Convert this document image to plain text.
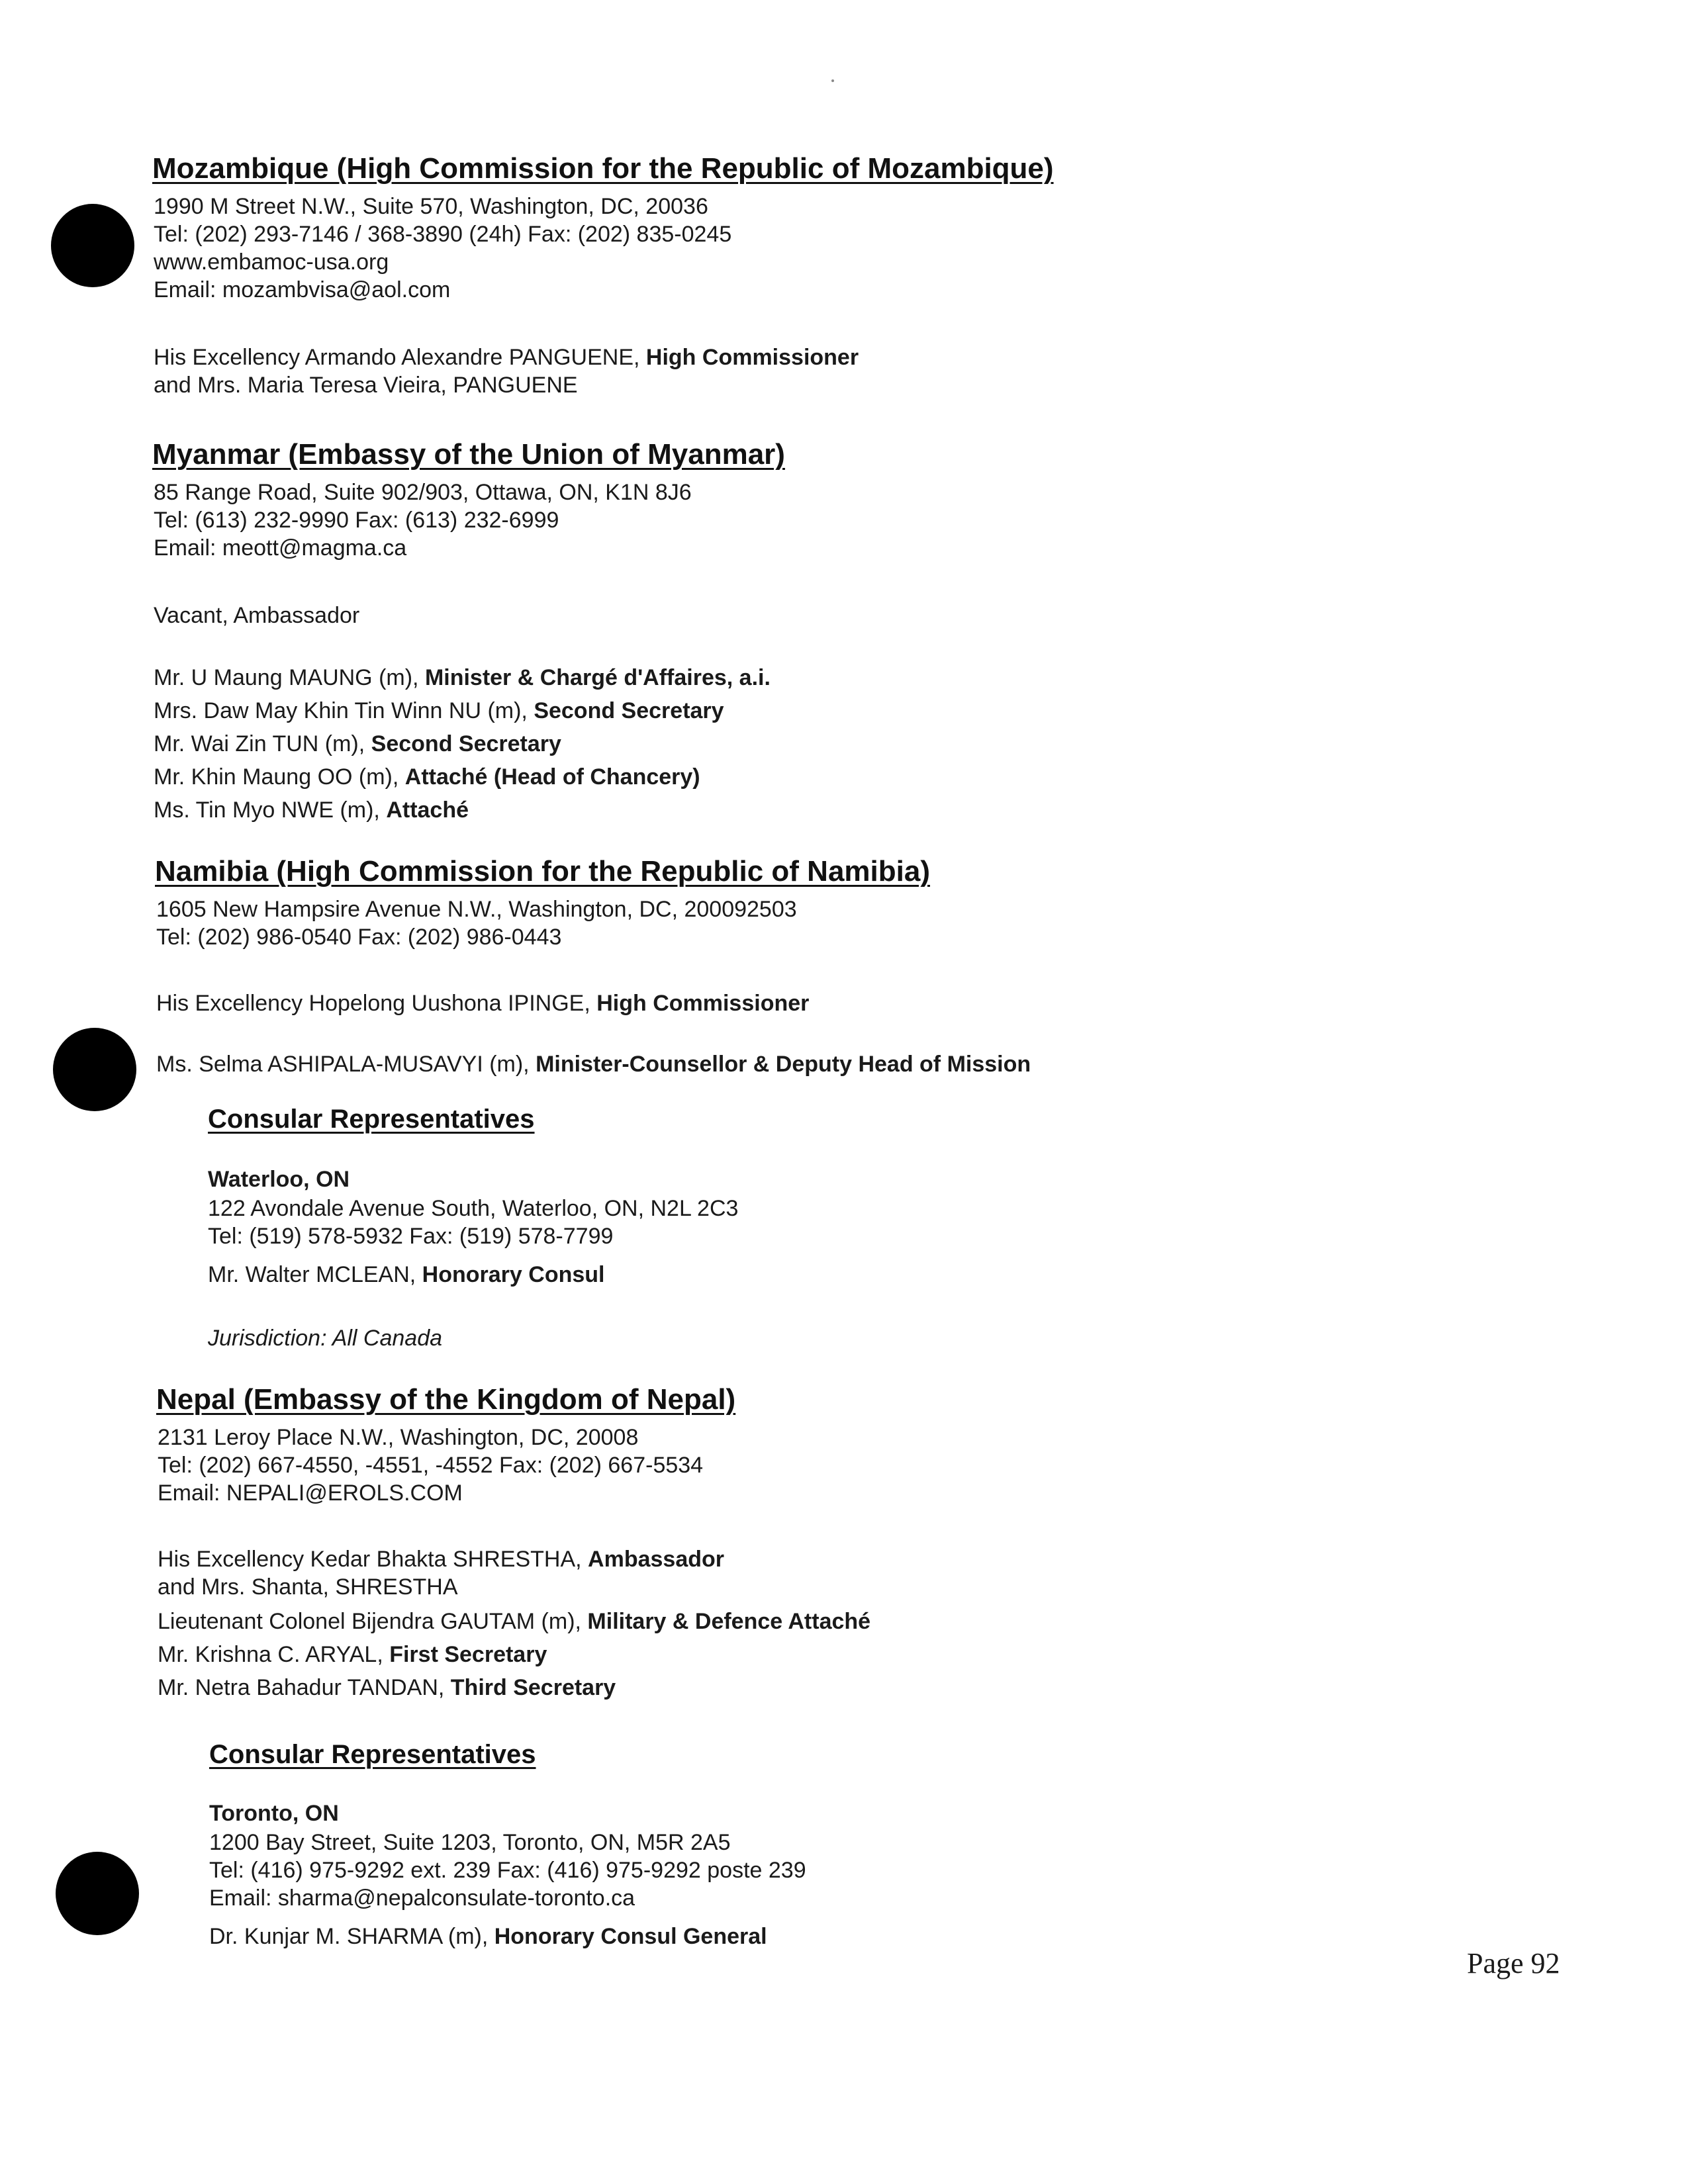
Mozambique (High Commission for the Republic of Mozambique)
1990 M Street N.W., Suite 570, Washington, DC, 20036
Tel: (202) 293-7146 / 368-3890 (24h) Fax: (202) 835-0245
www.embamoc-usa.org
Email: mozambvisa@aol.com
His Excellency Armando Alexandre PANGUENE, High Commissioner
and Mrs. Maria Teresa Vieira, PANGUENE
Myanmar (Embassy of the Union of Myanmar)
85 Range Road, Suite 902/903, Ottawa, ON, K1N 8J6
Tel: (613) 232-9990 Fax: (613) 232-6999
Email: meott@magma.ca
Vacant, Ambassador
Mr. U Maung MAUNG (m), Minister & Chargé d'Affaires, a.i.
Mrs. Daw May Khin Tin Winn NU (m), Second Secretary
Mr. Wai Zin TUN (m), Second Secretary
Mr. Khin Maung OO (m), Attaché (Head of Chancery)
Ms. Tin Myo NWE (m), Attaché
Namibia (High Commission for the Republic of Namibia)
1605 New Hampsire Avenue N.W., Washington, DC, 200092503
Tel: (202) 986-0540 Fax: (202) 986-0443
His Excellency Hopelong Uushona IPINGE, High Commissioner
Ms. Selma ASHIPALA-MUSAVYI (m), Minister-Counsellor & Deputy Head of Mission
Consular Representatives
Waterloo, ON
122 Avondale Avenue South, Waterloo, ON, N2L 2C3
Tel: (519) 578-5932 Fax: (519) 578-7799
Mr. Walter MCLEAN, Honorary Consul
Jurisdiction: All Canada
Nepal (Embassy of the Kingdom of Nepal)
2131 Leroy Place N.W., Washington, DC, 20008
Tel: (202) 667-4550, -4551, -4552 Fax: (202) 667-5534
Email: NEPALI@EROLS.COM
His Excellency Kedar Bhakta SHRESTHA, Ambassador
and Mrs. Shanta, SHRESTHA
Lieutenant Colonel Bijendra GAUTAM (m), Military & Defence Attaché
Mr. Krishna C. ARYAL, First Secretary
Mr. Netra Bahadur TANDAN, Third Secretary
Consular Representatives
Toronto, ON
1200 Bay Street, Suite 1203, Toronto, ON, M5R 2A5
Tel: (416) 975-9292 ext. 239 Fax: (416) 975-9292 poste 239
Email: sharma@nepalconsulate-toronto.ca
Dr. Kunjar M. SHARMA (m), Honorary Consul General
Page 92
